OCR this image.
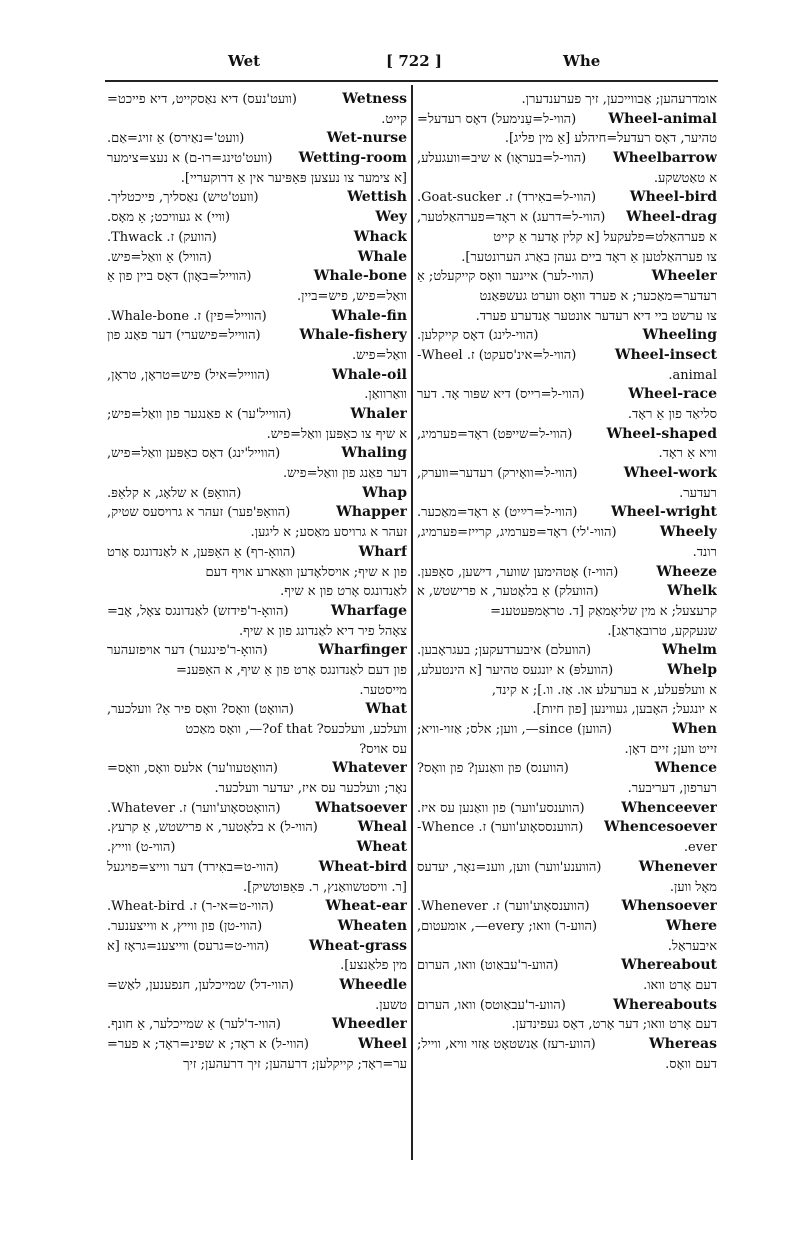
Wet	[ 722 ]	Whe
(וועט'נעס) דיא נאַסקייט, דיא פייכט=	Wetness
קייט.
(וועט'=נאַירס) אַ זויג=אַם.	Wet-nurse
(וועט'טינג=רו-ם) א נעצ=צימער Wetting-room
[א צימער צו נעצען פּאַפּיער אין אַ דרוקעריי].
(וועט'טיש) נאַסליך, פייכטליך.	Wettish
(וויי) א געוויכט; אַ מאָס.	Wey
(הוועק) ז. Thwack.	Whack
(הוויל) אַ וואַל=פיש.	Whale
(הווייל=באָון) דאָס ביין פון אַ	Whale-bone
וואַל=פיש, פיש=ביין.
(הווייל=פין) ז. Whale-bone.	Whale-fin
(הווייל=פישערי) דער פאַנג פון	Whale-fishery
וואַל=פיש.
(הווייל=איל) פיש=טראָן, טראָן,	Whale-oil
וואַרוואַן.
(הווייל'ער) א פאַנגער פון וואַל=פיש;	Whaler
א שיף צו כאַפּען וואַל=פיש.
(הווייל'ינג) דאָס כאַפּען וואַל=פיש,	Whaling
דער פאַנג פון וואַל=פיש.
(הוואַפּ) א שלאָג, א קלאַפּ.	Whap
(הוואַפּ'פער) זעהר א גרויסעס שטיק,	Whapper
זעהר א גרויסע מאַסע; א ליגען.
(הוואָ-רף) אַ האַפּען, א לאַנדונגס אָרט	Wharf
פון א שיף; אויסלאָדען וואַארע אויף דעם
לאַנדונגס אָרט פון א שיף.
(הוואָ-ר'פידזש) לאַנדונגס צאָל, אָב=	Wharfage
צאָהל פיר דיא לאַנדונג פון א שיף.
(הוואָ-ר'פינגער) דער אויפזעהער	Wharfinger
פון דעם לאַנדונגס אָרט פון אַ שיף, א האַפּענ=
מייסטער.
(הוואָט) וואָס? וואָס פיר אַ? וועלכער,	What
וועלכע, וועלכעס? of that?—, וואָס מאַכט
עס אויס?
(הוואָטעוו'ער) אלעס וואָס, וואָס=	Whatever
נאָר; וועלכער עס איז, יעדער וועלכער.
(הוואָטסאָוע'ווער) ז. Whatever. Whatsoever
(הווי-ל) א בלאָטער, א פרישטש, אַ קרעץ.	Wheal
(הווי-ט) ווייץ.	Wheat
(הווי-ט=באִירד) דער ווייצ=פויגעל	Wheat-bird
[ר. וויסטשוואַנץ, ר. פּאַפּוטשיק].
(הווי-ט=אי-ר) ז. Wheat-bird.	Wheat-ear
(הווי-טן) פון ווייץ, א ווייצענער.	Wheaten
(הווי-ט=גרעס) ווייצענ=גראָז [א	Wheat-grass
מין פלאַנצע].
(הווי-דל) שמייכלען, חנפענען, לאַש=	Wheedle
טשען.
(הווי-ד'לער) אַ שמייכלער, אַ חונף.	Wheedler
(הווי-ל) א ראָד; א שפּינ=ראָד; א פער=	Wheel
ער=ראָד; קייקלען; דרעהען; זיך דרעהען; זיך
אומדרעהען; אַבווייכען, זיך פערענדערן.
(הווי-ל=עַנימעל) דאָס רעדעל= Wheel-animal
טהיער, דאָס רעדעל=חיהלע [אַ מין פליג].
(הווי-ל=בעראָו) א שיב=וועגעלע, Wheelbarrow
א טאַטשקע.
(הווי-ל=באִירד) ז. Goat-sucker. Wheel-bird
(הווי-ל=דרעג) א ראָד=פערהאַלטער, Wheel-drag
א פערהאַלט=פלעקעל [א קלין אָדער אַ קייט
צו פערהאַלטען אַ ראָד ביים געהן באַרג הערונטער].
(הווי-לער) אייגער וואָס קייקעלט; אַ	Wheeler
רעדער=מאַכער; א פערד וואָס ווערט געשפּאַנט
צו ערשט ביי דיא רעדער אונטער אַנדערע פערד.
(הווי-לינג) דאָס קייקלען.	Wheeling
(הווי-ל=אינ'סעקט) ז. Wheel-	Wheel-insect
animal.
(הווי-ל=רייס) דיא שפּור אָד. דער	Wheel-race
סליאַד פון אַ ראָד.
(הווי-ל=שייפּט) ראָד=פערמיג, Wheel-shaped
וויא אַ ראָד.
(הווי-ל=וואָירק) רעדער=ווערק,	Wheel-work
רעדער.
(הווי-ל=רײַיט) אַ ראָד=מאַכער. Wheel-wright
(הווי-'לי) ראָד=פערמיג, קרייז=פערמיג,	Wheely
רונד.
(הווי-ז) אָטהימען שווער, דישען, סאָפּען.	Wheeze
(הוועלק) אַ בלאָטער, א פרישטש, א	Whelk
קרעצעל; א מין שליאָמאַק [ד. טראָמפּעטענ=
שנעקקע, טרובאָראַג].
(הוועלם) איבערדעקען; בעגראָבען.	Whelm
(הוועלפּ) א יונגעס טהיער [א הינטעלע,	Whelp
א וועלפּעלע, א בערעלע או. אַז. וו.]; א קינד,
א יונגעל; האָבען, געווינען [פון חיות].
(הווען) since—, ווען; אלס; אַזוי-וויא;	When
זייט ווען; זיים דאָן.
(הווענס) פון וואַנען? פון וואָס?	Whence
רערפון, דעריבער.
(הווענסע'ווער) פון וואַנען עס איז.	Whenceever
(הווענססאָוע'ווער) ז. Whence- Whencesoever
ever.
(הווענע'ווער) ווען, ווענ=נאָר, יעדעס	Whenever
מאָל ווען.
(הווענסאָוע'ווער) ז. Whenever. Whensoever
(הווע-ר) וואו; every—, אומעטום,	Where
איבעראַל.
(הווע-ר'עבאַוט) וואו, הערום	Whereabout
דעם אָרט וואו.
(הווע-ר'עבאַוטס) וואו, הערום	Whereabouts
דעם אָרט וואו; דער אָרט, דאָס געפינדען.
(הווע-רעז) אַנשטאָט אַזוי וויא, ווייל;	Whereas
דעם וואָס.
